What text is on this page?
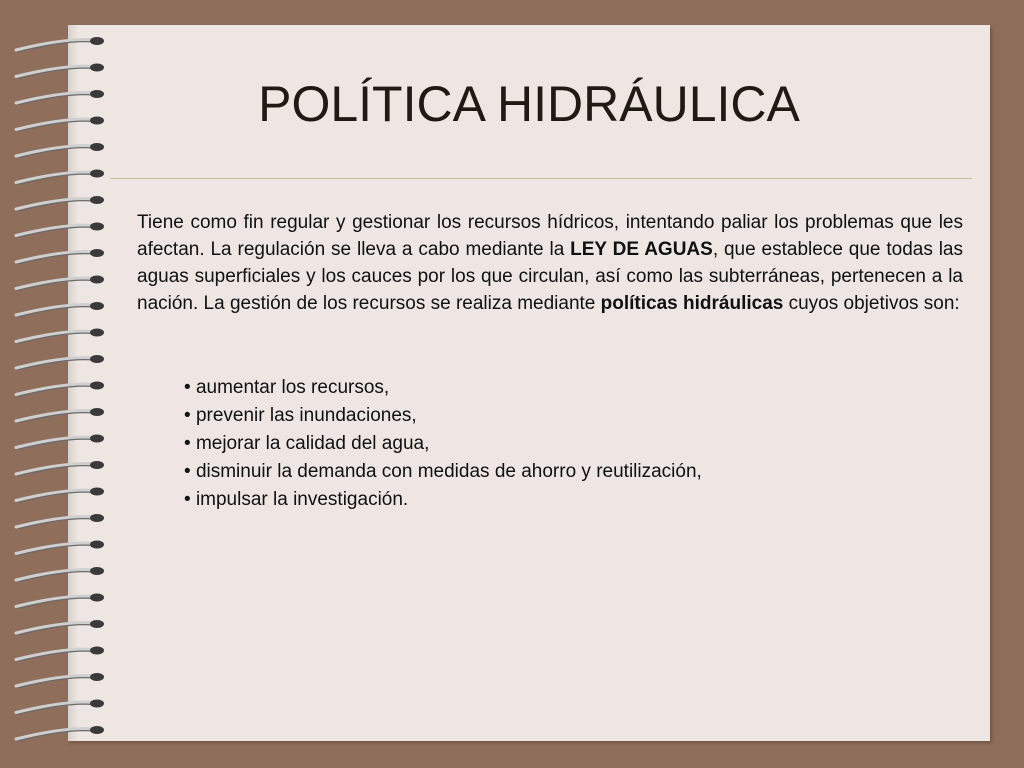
POLÍTICA HIDRÁULICA

Tiene como fin regular y gestionar los recursos hídricos, intentando paliar los problemas que les afectan. La regulación se lleva a cabo mediante la LEY DE AGUAS, que establece que todas las aguas superficiales y los cauces por los que circulan, así como las subterráneas, pertenecen a la nación. La gestión de los recursos se realiza mediante políticas hidráulicas cuyos objetivos son:

• aumentar los recursos,
• prevenir las inundaciones,
• mejorar la calidad del agua,
• disminuir la demanda con medidas de ahorro y reutilización,
• impulsar la investigación.
